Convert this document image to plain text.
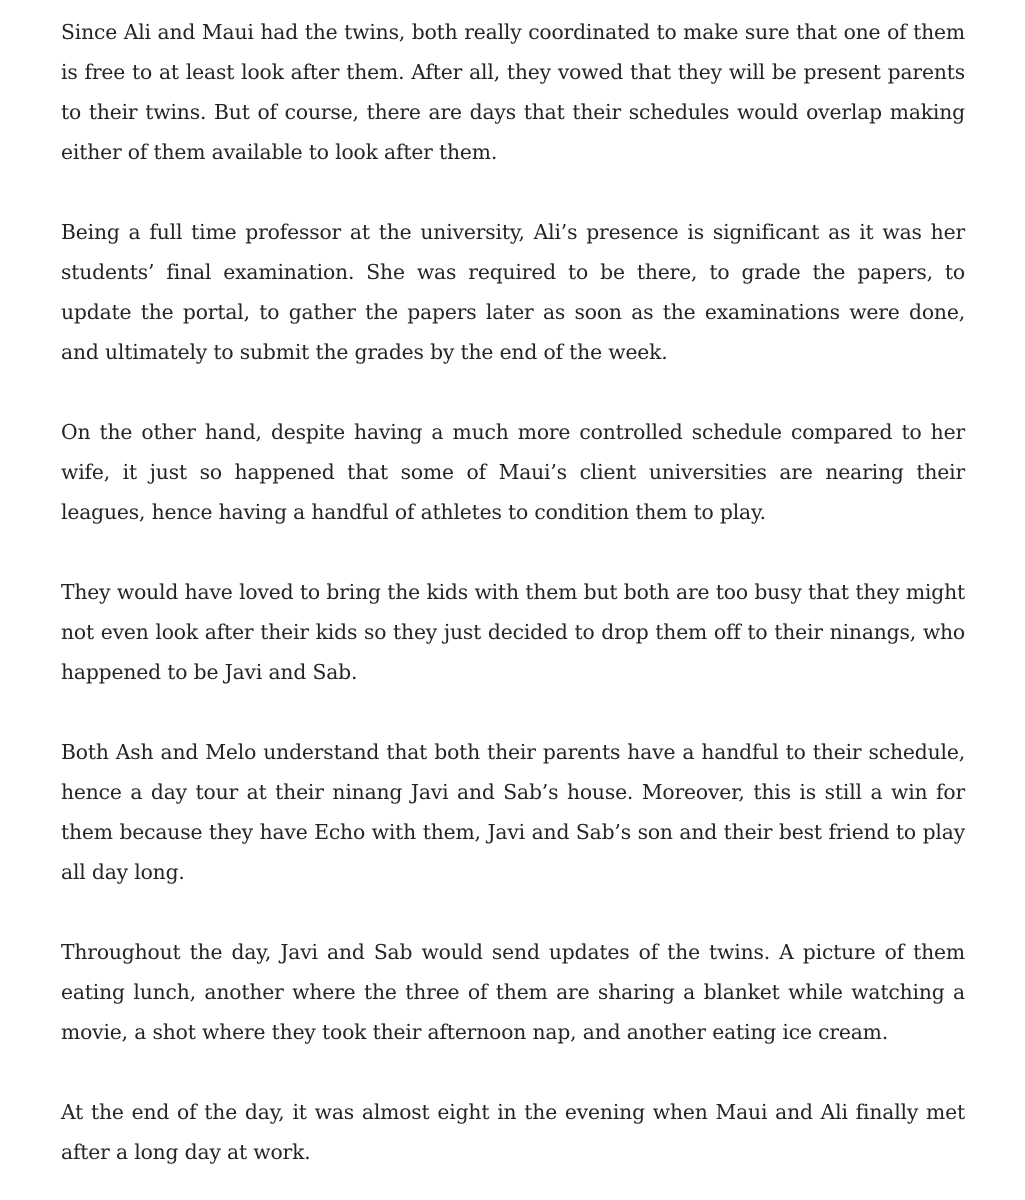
Since Ali and Maui had the twins, both really coordinated to make sure that one of them is free to at least look after them. After all, they vowed that they will be present parents to their twins. But of course, there are days that their schedules would overlap making either of them available to look after them.

Being a full time professor at the university, Ali’s presence is significant as it was her students’ final examination. She was required to be there, to grade the papers, to update the portal, to gather the papers later as soon as the examinations were done, and ultimately to submit the grades by the end of the week.

On the other hand, despite having a much more controlled schedule compared to her wife, it just so happened that some of Maui’s client universities are nearing their leagues, hence having a handful of athletes to condition them to play.

They would have loved to bring the kids with them but both are too busy that they might not even look after their kids so they just decided to drop them off to their ninangs, who happened to be Javi and Sab.

Both Ash and Melo understand that both their parents have a handful to their schedule, hence a day tour at their ninang Javi and Sab’s house. Moreover, this is still a win for them because they have Echo with them, Javi and Sab’s son and their best friend to play all day long.

Throughout the day, Javi and Sab would send updates of the twins. A picture of them eating lunch, another where the three of them are sharing a blanket while watching a movie, a shot where they took their afternoon nap, and another eating ice cream.

At the end of the day, it was almost eight in the evening when Maui and Ali finally met after a long day at work.
